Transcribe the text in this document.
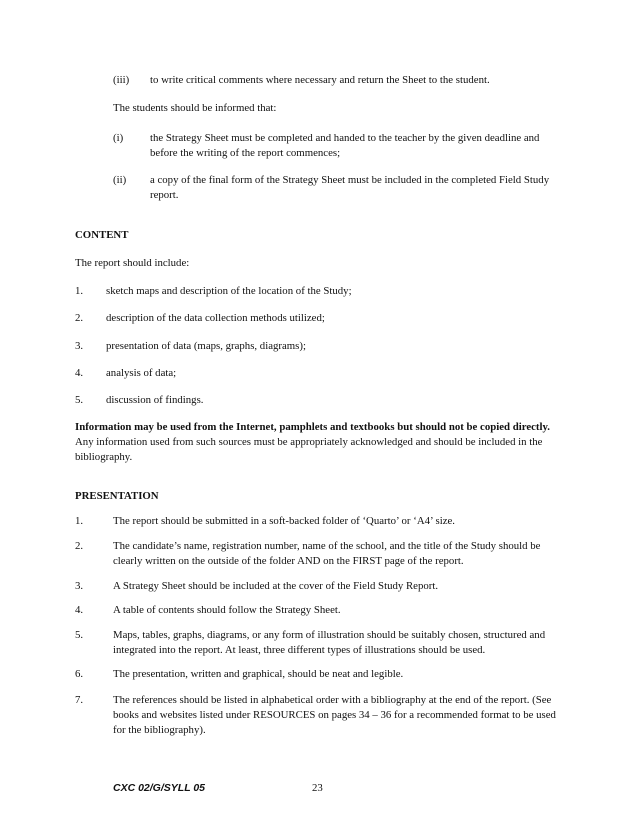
(iii) to write critical comments where necessary and return the Sheet to the student.
The students should be informed that:
(i) the Strategy Sheet must be completed and handed to the teacher by the given deadline and
before the writing of the report commences;
(ii) a copy of the final form of the Strategy Sheet must be included in the completed Field Study
report.
CONTENT
The report should include:
1. sketch maps and description of the location of the Study;
2. description of the data collection methods utilized;
3. presentation of data (maps, graphs, diagrams);
4. analysis of data;
5. discussion of findings.
Information may be used from the Internet, pamphlets and textbooks but should not be copied directly.
Any information used from such sources must be appropriately acknowledged and should be included in the
bibliography.
PRESENTATION
1.	The report should be submitted in a soft-backed folder of ‘Quarto’ or ‘A4’ size.
2.	The candidate’s name, registration number, name of the school, and the title of the Study should be
clearly written on the outside of the folder AND on the FIRST page of the report.
3.	A Strategy Sheet should be included at the cover of the Field Study Report.
4.	A table of contents should follow the Strategy Sheet.
5.	Maps, tables, graphs, diagrams, or any form of illustration should be suitably chosen, structured and
integrated into the report. At least, three different types of illustrations should be used.
6.	The presentation, written and graphical, should be neat and legible.
7.	The references should be listed in alphabetical order with a bibliography at the end of the report. (See
books and websites listed under RESOURCES on pages 34 – 36 for a recommended format to be used
for the bibliography).
CXC 02/G/SYLL 05	23
